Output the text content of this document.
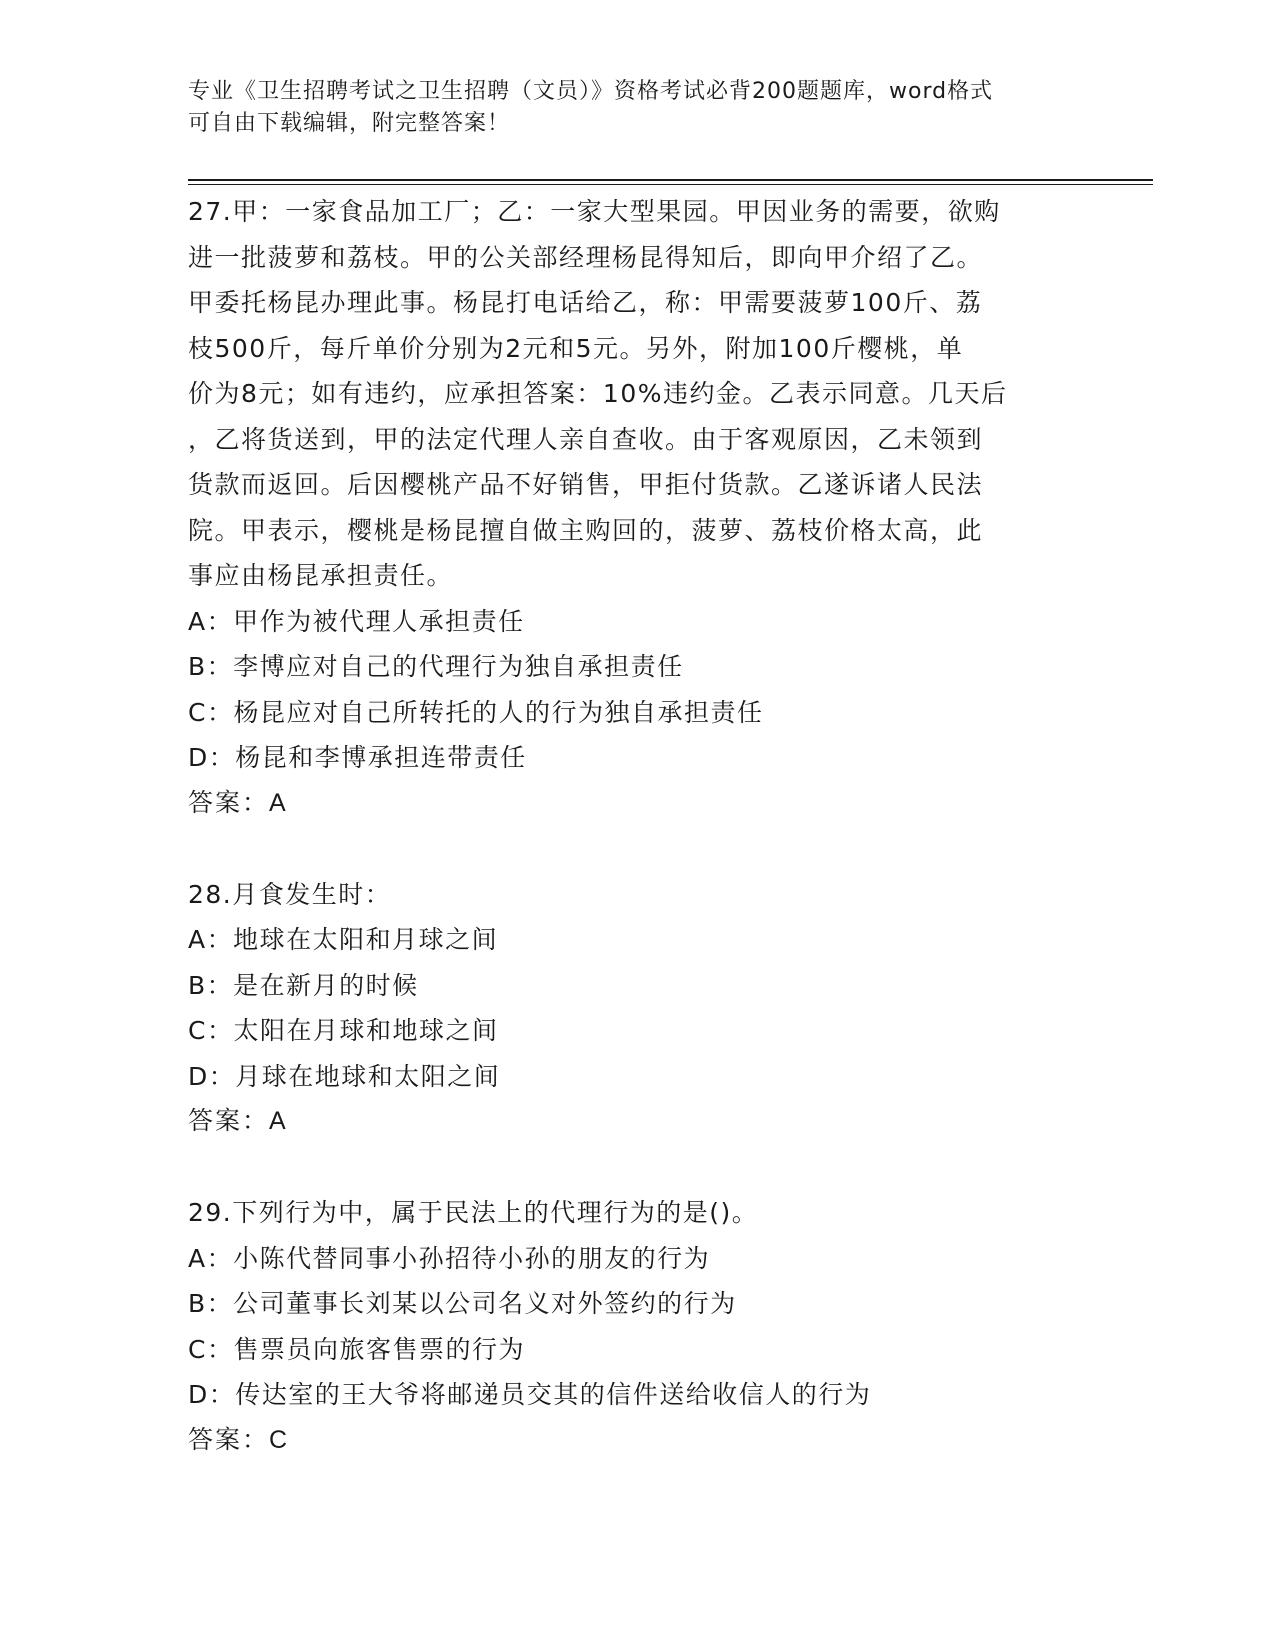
专业《卫生招聘考试之卫生招聘（文员）》资格考试必背200题题库，word格式
可自由下载编辑，附完整答案！
27.甲：一家食品加工厂；乙：一家大型果园。甲因业务的需要，欲购
进一批菠萝和荔枝。甲的公关部经理杨昆得知后，即向甲介绍了乙。
甲委托杨昆办理此事。杨昆打电话给乙，称：甲需要菠萝100斤、荔
枝500斤，每斤单价分别为2元和5元。另外，附加100斤樱桃，单
价为8元；如有违约，应承担答案：10%违约金。乙表示同意。几天后
，乙将货送到，甲的法定代理人亲自查收。由于客观原因，乙未领到
货款而返回。后因樱桃产品不好销售，甲拒付货款。乙遂诉诸人民法
院。甲表示，樱桃是杨昆擅自做主购回的，菠萝、荔枝价格太高，此
事应由杨昆承担责任。
A：甲作为被代理人承担责任
B：李博应对自己的代理行为独自承担责任
C：杨昆应对自己所转托的人的行为独自承担责任
D：杨昆和李博承担连带责任
答案：A
28.月食发生时：
A：地球在太阳和月球之间
B：是在新月的时候
C：太阳在月球和地球之间
D：月球在地球和太阳之间
答案：A
29.下列行为中，属于民法上的代理行为的是()。
A：小陈代替同事小孙招待小孙的朋友的行为
B：公司董事长刘某以公司名义对外签约的行为
C：售票员向旅客售票的行为
D：传达室的王大爷将邮递员交其的信件送给收信人的行为
答案：C
